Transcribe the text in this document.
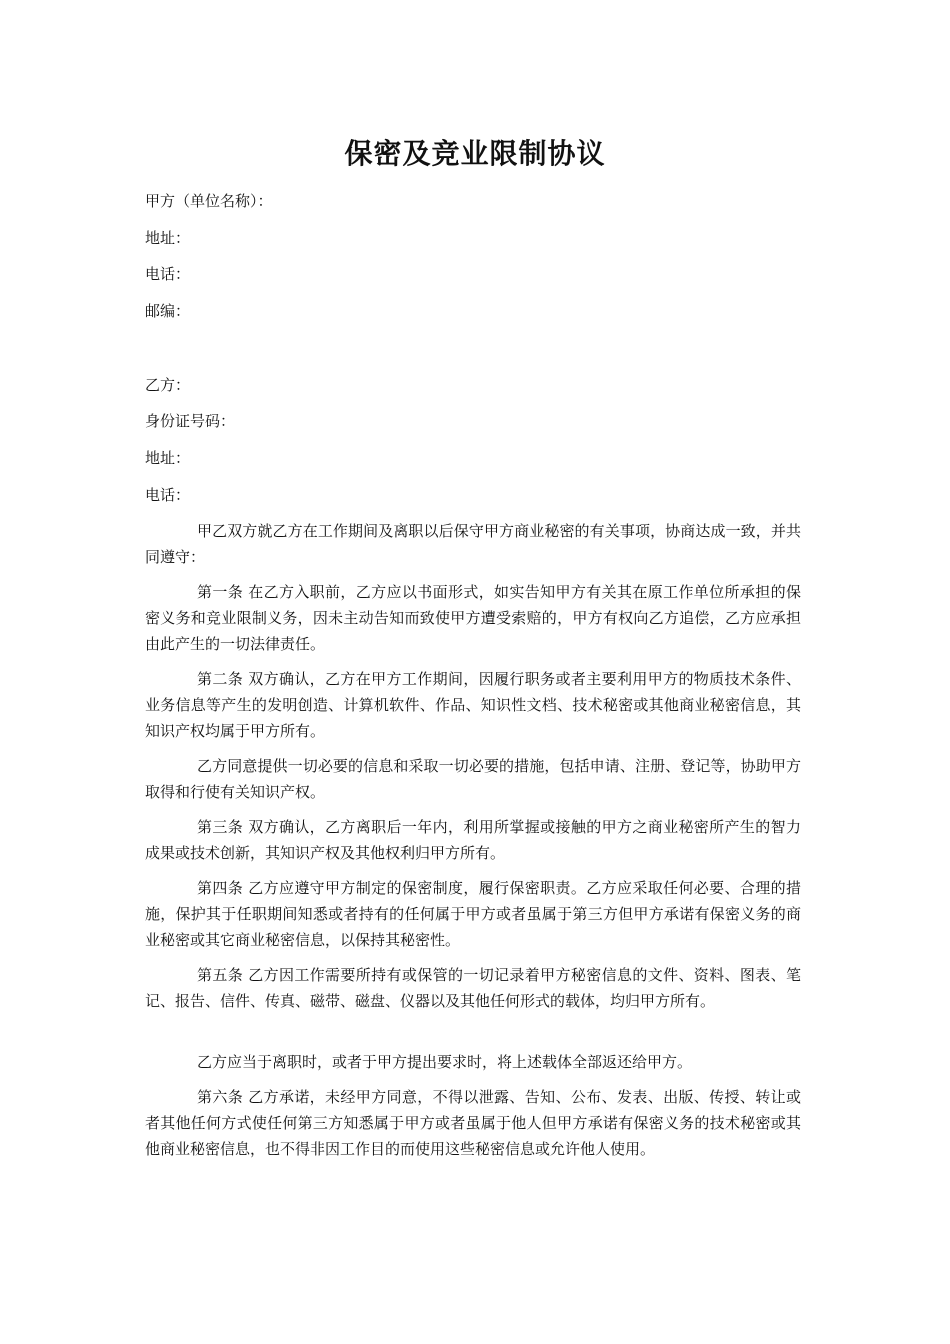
保密及竞业限制协议
甲方（单位名称）：
地址：
电话：
邮编：
乙方：
身份证号码：
地址：
电话：
甲乙双方就乙方在工作期间及离职以后保守甲方商业秘密的有关事项，协商达成一致，并共同遵守：
第一条 在乙方入职前，乙方应以书面形式，如实告知甲方有关其在原工作单位所承担的保密义务和竞业限制义务，因未主动告知而致使甲方遭受索赔的，甲方有权向乙方追偿，乙方应承担由此产生的一切法律责任。
第二条 双方确认，乙方在甲方工作期间，因履行职务或者主要利用甲方的物质技术条件、业务信息等产生的发明创造、计算机软件、作品、知识性文档、技术秘密或其他商业秘密信息，其知识产权均属于甲方所有。
乙方同意提供一切必要的信息和采取一切必要的措施，包括申请、注册、登记等，协助甲方取得和行使有关知识产权。
第三条 双方确认，乙方离职后一年内，利用所掌握或接触的甲方之商业秘密所产生的智力成果或技术创新，其知识产权及其他权利归甲方所有。
第四条 乙方应遵守甲方制定的保密制度，履行保密职责。乙方应采取任何必要、合理的措施，保护其于任职期间知悉或者持有的任何属于甲方或者虽属于第三方但甲方承诺有保密义务的商业秘密或其它商业秘密信息，以保持其秘密性。
第五条 乙方因工作需要所持有或保管的一切记录着甲方秘密信息的文件、资料、图表、笔记、报告、信件、传真、磁带、磁盘、仪器以及其他任何形式的载体，均归甲方所有。
乙方应当于离职时，或者于甲方提出要求时，将上述载体全部返还给甲方。
第六条 乙方承诺，未经甲方同意，不得以泄露、告知、公布、发表、出版、传授、转让或者其他任何方式使任何第三方知悉属于甲方或者虽属于他人但甲方承诺有保密义务的技术秘密或其他商业秘密信息，也不得非因工作目的而使用这些秘密信息或允许他人使用。
